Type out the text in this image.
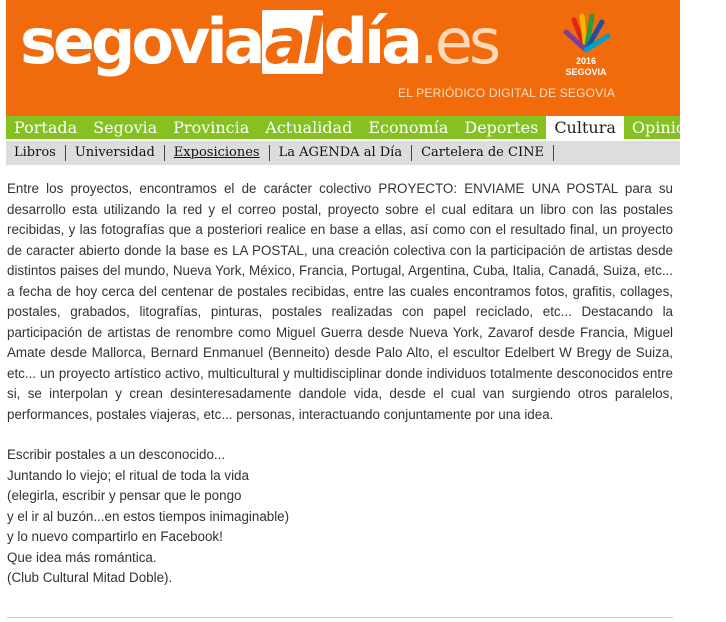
segoviaaldía.es	2016
SEGOVIA
EL PERIÓDICO DIGITAL DE SEGOVIA
Portada	Segovia	Provincia	Actualidad	Economía	Deportes	Cultura	Opinión	I
Libros	Universidad	Exposiciones	La AGENDA al Día	Cartelera de CINE

Entre los proyectos, encontramos el de carácter colectivo PROYECTO: ENVIAME UNA POSTAL para su desarrollo esta utilizando la red y el correo postal, proyecto sobre el cual editara un libro con las postales recibidas, y las fotografías que a posteriori realice en base a ellas, así como con el resultado final, un proyecto de caracter abierto donde la base es LA POSTAL, una creación colectiva con la participación de artistas desde distintos paises del mundo, Nueva York, México, Francia, Portugal, Argentina, Cuba, Italia, Canadá, Suiza, etc... a fecha de hoy cerca del centenar de postales recibidas, entre las cuales encontramos fotos, grafitis, collages, postales, grabados, litografías, pinturas, postales realizadas con papel reciclado, etc... Destacando la participación de artistas de renombre como Miguel Guerra desde Nueva York, Zavarof desde Francia, Miguel Amate desde Mallorca, Bernard Enmanuel (Benneito) desde Palo Alto, el escultor Edelbert W Bregy de Suiza, etc... un proyecto artístico activo, multicultural y multidisciplinar donde individuos totalmente desconocidos entre si, se interpolan y crean desinteresadamente dandole vida, desde el cual van surgiendo otros paralelos, performances, postales viajeras, etc... personas, interactuando conjuntamente por una idea.

Escribir postales a un desconocido...
Juntando lo viejo; el ritual de toda la vida
(elegirla, escribir y pensar que le pongo
y el ir al buzón...en estos tiempos inimaginable)
y lo nuevo compartirlo en Facebook!
Que idea más romántica.
(Club Cultural Mitad Doble).
